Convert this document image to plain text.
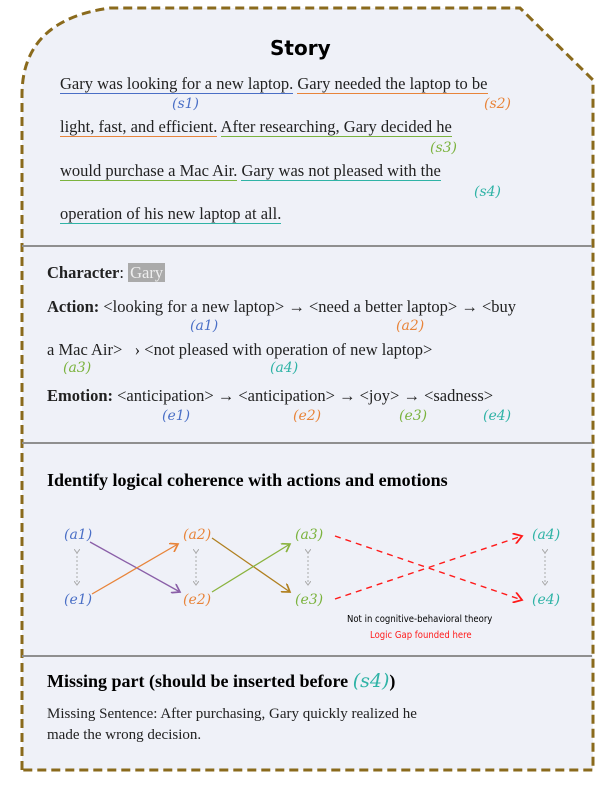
Story
Gary was looking for a new laptop. Gary needed the laptop to be
(s1)	(s2)
light, fast, and efficient. After researching, Gary decided he
(s3)
would purchase a Mac Air. Gary was not pleased with the
(s4)
operation of his new laptop at all.
Character: Gary
Action: <looking for a new laptop> → <need a better laptop> → <buy
(a1)	(a2)
a Mac Air>   › <not pleased with operation of new laptop>
(a3)	(a4)
Emotion: <anticipation> → <anticipation> → <joy> → <sadness>
(e1)	(e2)	(e3)	(e4)
Identify logical coherence with actions and emotions
(a1)	(a2)	(a3)	(a4)
(e1)	(e2)	(e3)	(e4)
Not in cognitive-behavioral theory
Logic Gap founded here
Missing part (should be inserted before (s4))
Missing Sentence: After purchasing, Gary quickly realized he
made the wrong decision.
